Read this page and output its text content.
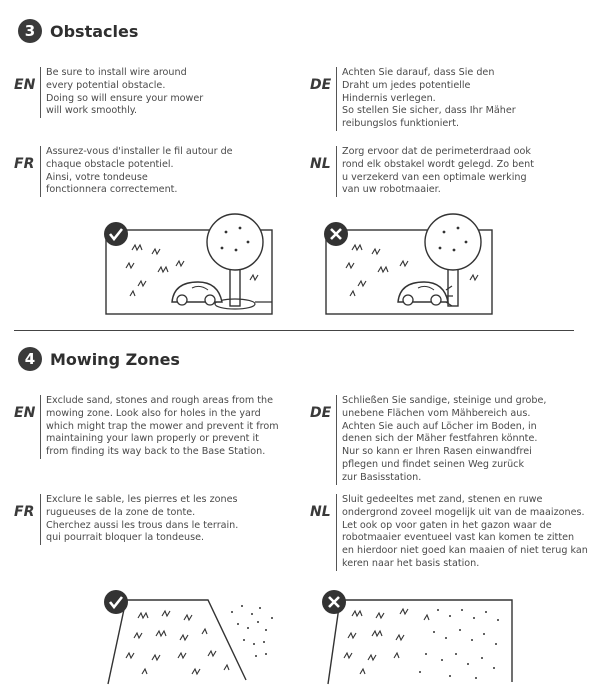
3 Obstacles
EN
Be sure to install wire around
every potential obstacle.
Doing so will ensure your mower
will work smoothly.
DE
Achten Sie darauf, dass Sie den
Draht um jedes potentielle
Hindernis verlegen.
So stellen Sie sicher, dass Ihr Mäher
reibungslos funktioniert.
FR
Assurez-vous d'installer le fil autour de
chaque obstacle potentiel.
Ainsi, votre tondeuse
fonctionnera correctement.
NL
Zorg ervoor dat de perimeterdraad ook
rond elk obstakel wordt gelegd. Zo bent
u verzekerd van een optimale werking
van uw robotmaaier.
4 Mowing Zones
EN
Exclude sand, stones and rough areas from the
mowing zone. Look also for holes in the yard
which might trap the mower and prevent it from
maintaining your lawn properly or prevent it
from finding its way back to the Base Station.
DE
Schließen Sie sandige, steinige und grobe,
unebene Flächen vom Mähbereich aus.
Achten Sie auch auf Löcher im Boden, in
denen sich der Mäher festfahren könnte.
Nur so kann er Ihren Rasen einwandfrei
pflegen und findet seinen Weg zurück
zur Basisstation.
FR
Exclure le sable, les pierres et les zones
rugueuses de la zone de tonte.
Cherchez aussi les trous dans le terrain.
qui pourrait bloquer la tondeuse.
NL
Sluit gedeeltes met zand, stenen en ruwe
ondergrond zoveel mogelijk uit van de maaizones.
Let ook op voor gaten in het gazon waar de
robotmaaier eventueel vast kan komen te zitten
en hierdoor niet goed kan maaien of niet terug kan
keren naar het basis station.
